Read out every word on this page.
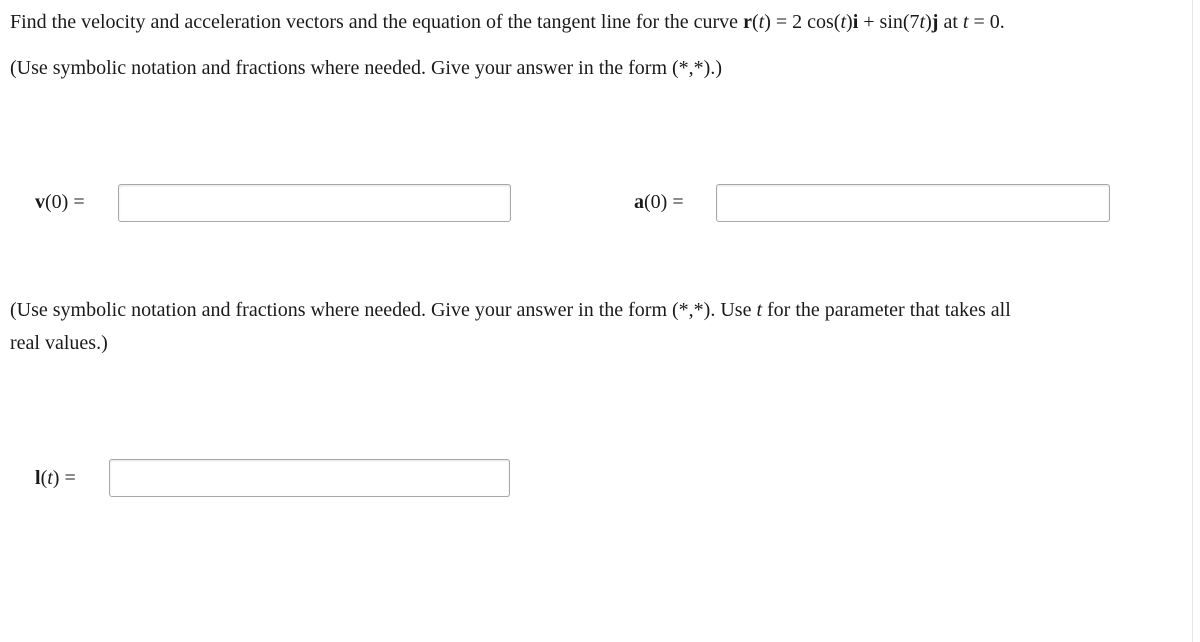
Find the velocity and acceleration vectors and the equation of the tangent line for the curve r(t) = 2 cos(t)i + sin(7t)j at t = 0.
(Use symbolic notation and fractions where needed. Give your answer in the form (*,*).)
v(0) =	a(0) =
(Use symbolic notation and fractions where needed. Give your answer in the form (*,*). Use t for the parameter that takes all
real values.)
l(t) =
